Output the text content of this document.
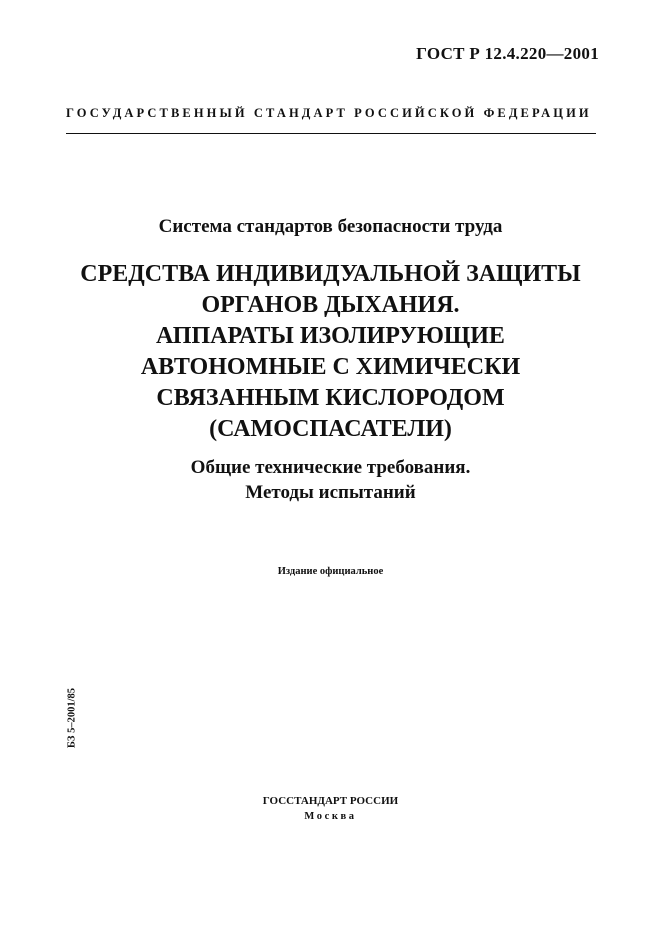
ГОСТ Р 12.4.220—2001
ГОСУДАРСТВЕННЫЙ СТАНДАРТ РОССИЙСКОЙ ФЕДЕРАЦИИ
Система стандартов безопасности труда
СРЕДСТВА ИНДИВИДУАЛЬНОЙ ЗАЩИТЫ
ОРГАНОВ ДЫХАНИЯ.
АППАРАТЫ ИЗОЛИРУЮЩИЕ
АВТОНОМНЫЕ С ХИМИЧЕСКИ
СВЯЗАННЫМ КИСЛОРОДОМ
(САМОСПАСАТЕЛИ)
Общие технические требования.
Методы испытаний
Издание официальное
БЗ 5–2001/85
ГОССТАНДАРТ РОССИИ
Москва
